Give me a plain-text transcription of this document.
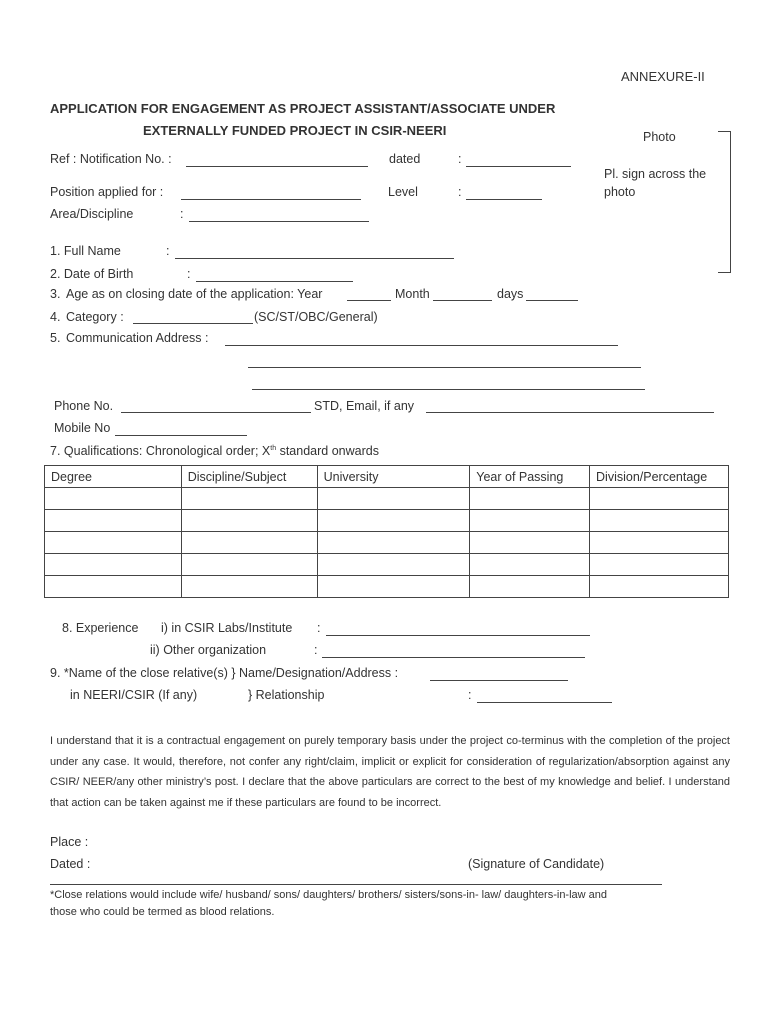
ANNEXURE-II
APPLICATION FOR ENGAGEMENT AS PROJECT ASSISTANT/ASSOCIATE UNDER
EXTERNALLY FUNDED PROJECT IN CSIR-NEERI	Photo
Pl. sign across the
photo
Ref : Notification No. :	dated	:
Position applied for :	Level	:
Area/Discipline	:
1. Full Name	:
2. Date of Birth	:
3. Age as on closing date of the application: Year	Month	days
4. Category :	(SC/ST/OBC/General)
5. Communication Address :
Phone No.	STD, Email, if any
Mobile No
7. Qualifications: Chronological order; Xth standard onwards
Degree	Discipline/Subject	University	Year of Passing	Division/Percentage

8. Experience i) in CSIR Labs/Institute :
ii) Other organization	:
9. *Name of the close relative(s) } Name/Designation/Address :
in NEERI/CSIR (If any)	} Relationship	:
I understand that it is a contractual engagement on purely temporary basis under the project co-terminus with the completion of the project under any case. It would, therefore, not confer any right/claim, implicit or explicit for consideration of regularization/absorption against any CSIR/ NEER/any other ministry’s post. I declare that the above particulars are correct to the best of my knowledge and belief. I understand that action can be taken against me if these particulars are found to be incorrect.
Place :
Dated :	(Signature of Candidate)
*Close relations would include wife/ husband/ sons/ daughters/ brothers/ sisters/sons-in- law/ daughters-in-law and
those who could be termed as blood relations.
